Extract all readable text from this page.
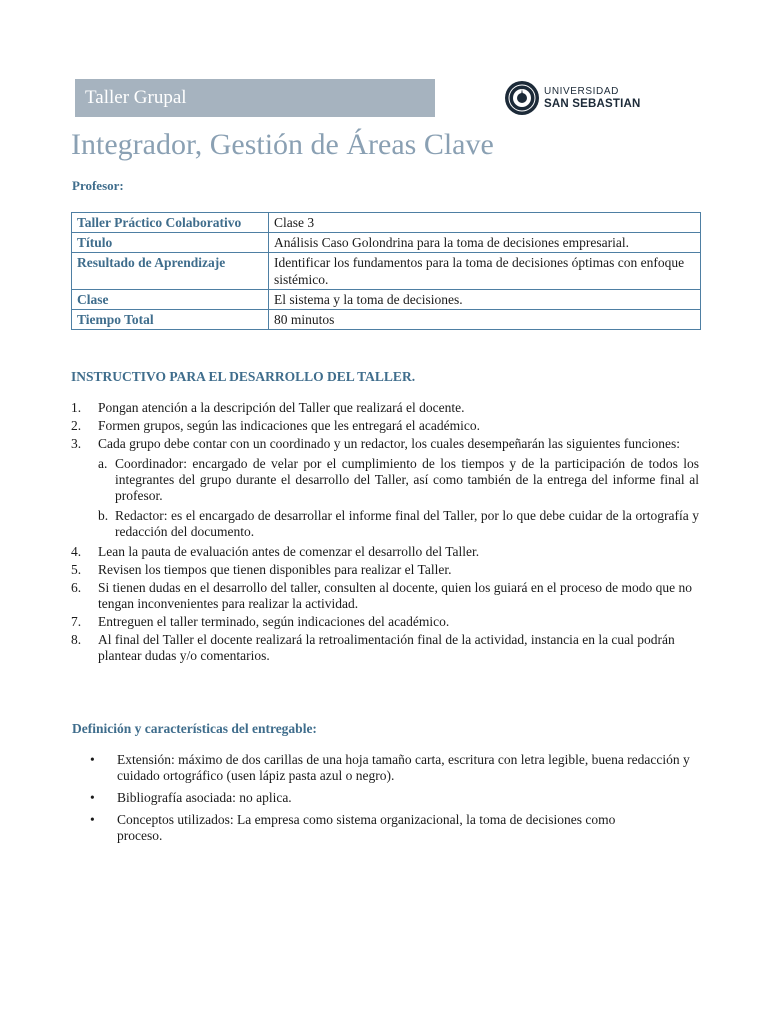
Taller Grupal	UNIVERSIDAD
SAN SEBASTIAN
Integrador, Gestión de Áreas Clave
Profesor:
Taller Práctico Colaborativo	Clase 3
Título	Análisis Caso Golondrina para la toma de decisiones empresarial.
Resultado de Aprendizaje	Identificar los fundamentos para la toma de decisiones óptimas con enfoque sistémico.
Clase	El sistema y la toma de decisiones.
Tiempo Total	80 minutos
INSTRUCTIVO PARA EL DESARROLLO DEL TALLER.
1. Pongan atención a la descripción del Taller que realizará el docente.
2. Formen grupos, según las indicaciones que les entregará el académico.
3. Cada grupo debe contar con un coordinado y un redactor, los cuales desempeñarán las siguientes funciones:
a. Coordinador: encargado de velar por el cumplimiento de los tiempos y de la participación de todos los integrantes del grupo durante el desarrollo del Taller, así como también de la entrega del informe final al profesor.
b. Redactor: es el encargado de desarrollar el informe final del Taller, por lo que debe cuidar de la ortografía y redacción del documento.
4. Lean la pauta de evaluación antes de comenzar el desarrollo del Taller.
5. Revisen los tiempos que tienen disponibles para realizar el Taller.
6. Si tienen dudas en el desarrollo del taller, consulten al docente, quien los guiará en el proceso de modo que no tengan inconvenientes para realizar la actividad.
7. Entreguen el taller terminado, según indicaciones del académico.
8. Al final del Taller el docente realizará la retroalimentación final de la actividad, instancia en la cual podrán plantear dudas y/o comentarios.
Definición y características del entregable:
• Extensión: máximo de dos carillas de una hoja tamaño carta, escritura con letra legible, buena redacción y cuidado ortográfico (usen lápiz pasta azul o negro).
• Bibliografía asociada: no aplica.
• Conceptos utilizados: La empresa como sistema organizacional, la toma de decisiones como proceso.
